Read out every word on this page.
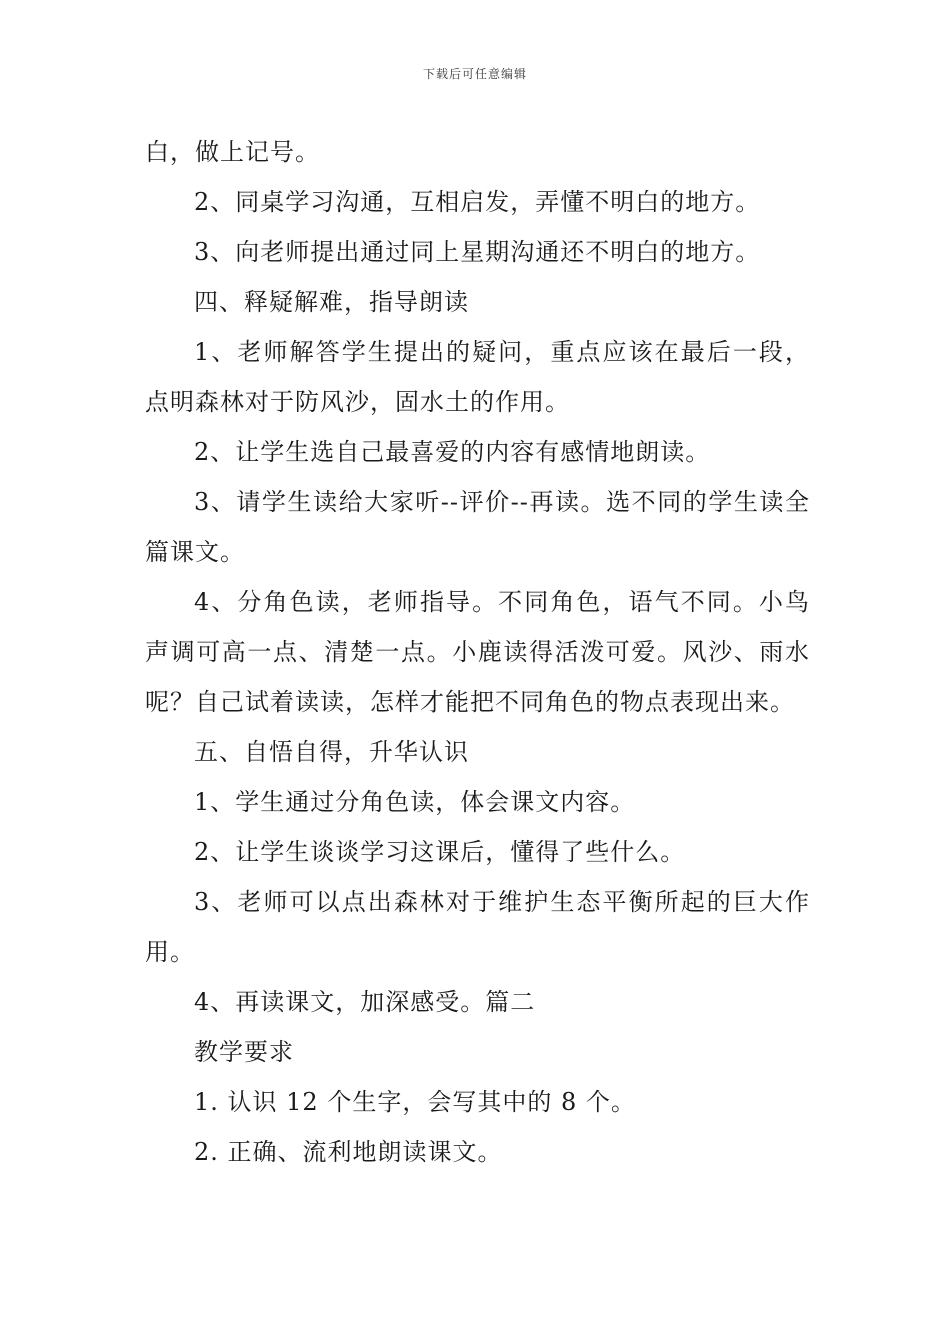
下载后可任意编辑

白，做上记号。

2、同桌学习沟通，互相启发，弄懂不明白的地方。

3、向老师提出通过同上星期沟通还不明白的地方。

四、释疑解难，指导朗读

1、老师解答学生提出的疑问，重点应该在最后一段，点明森林对于防风沙，固水土的作用。

2、让学生选自己最喜爱的内容有感情地朗读。

3、请学生读给大家听--评价--再读。选不同的学生读全篇课文。

4、分角色读，老师指导。不同角色，语气不同。小鸟声调可高一点、清楚一点。小鹿读得活泼可爱。风沙、雨水呢？自己试着读读，怎样才能把不同角色的物点表现出来。

五、自悟自得，升华认识

1、学生通过分角色读，体会课文内容。

2、让学生谈谈学习这课后，懂得了些什么。

3、老师可以点出森林对于维护生态平衡所起的巨大作用。

4、再读课文，加深感受。篇二

教学要求

1. 认识 12 个生字，会写其中的 8 个。

2. 正确、流利地朗读课文。
